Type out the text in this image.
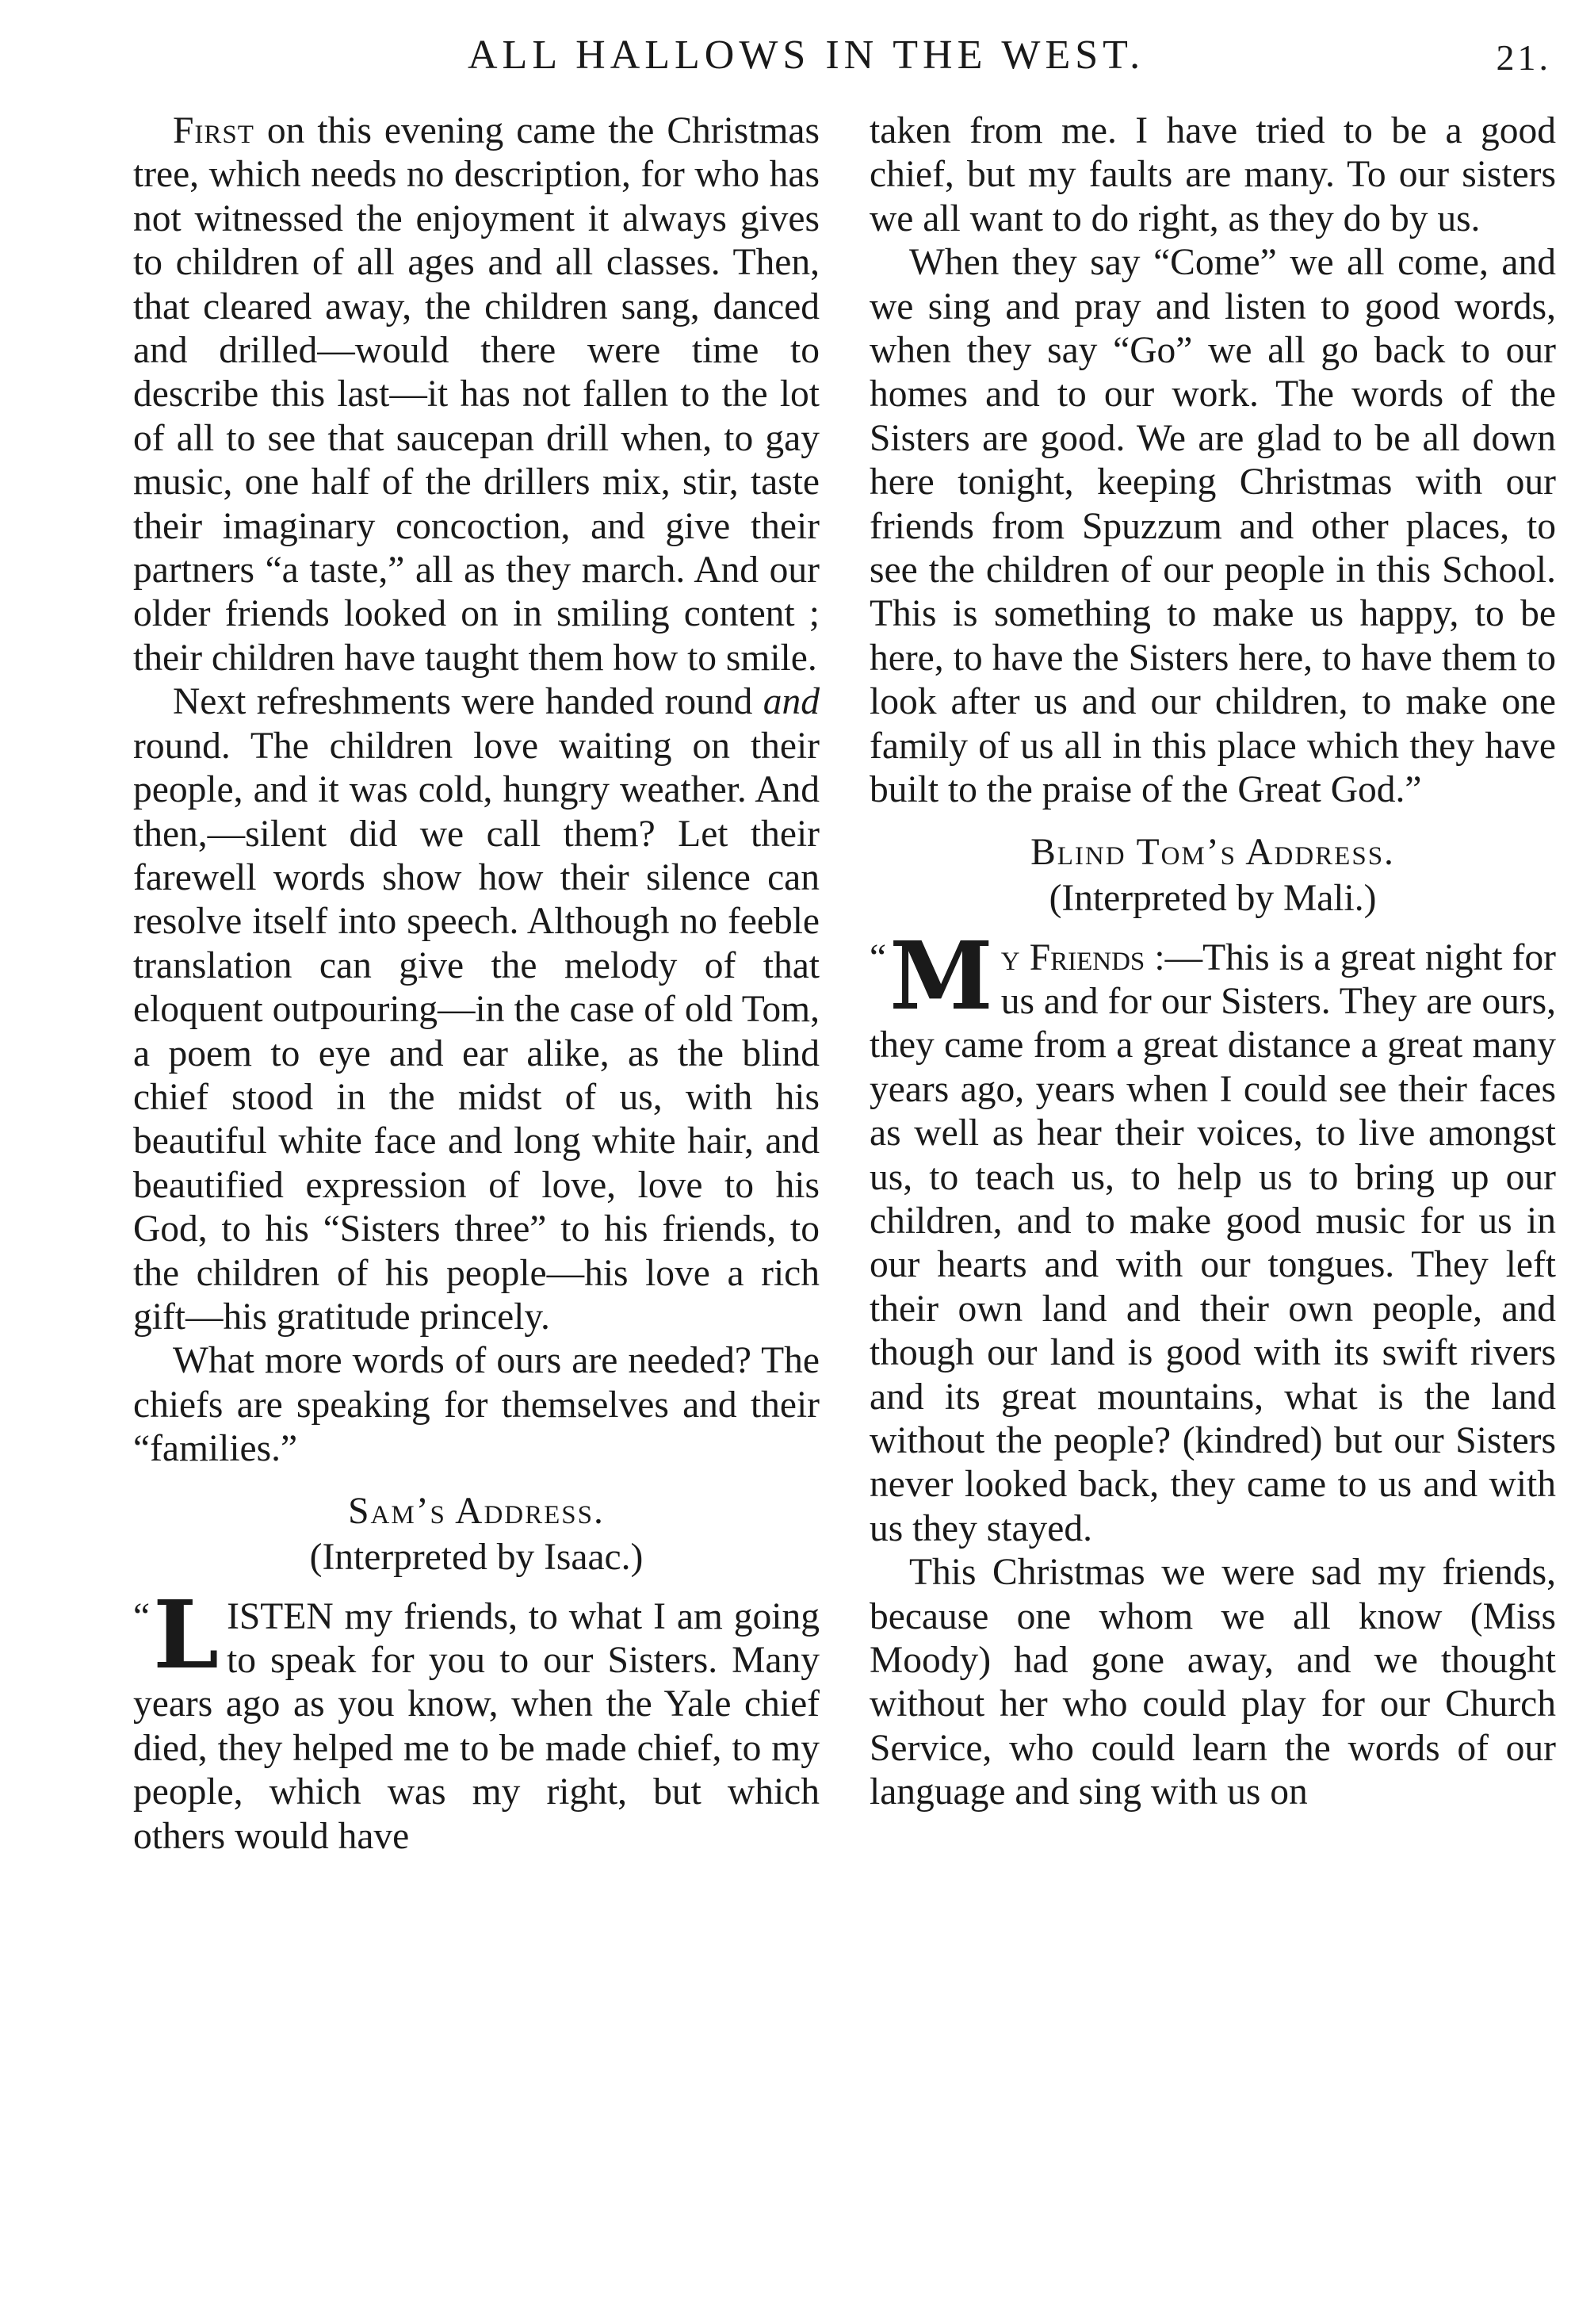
ALL HALLOWS IN THE WEST.	21.

First on this evening came the Christmas tree, which needs no description, for who has not witnessed the enjoyment it always gives to children of all ages and all classes. Then, that cleared away, the children sang, danced and drilled—would there were time to describe this last—it has not fallen to the lot of all to see that saucepan drill when, to gay music, one half of the drillers mix, stir, taste their imaginary concoction, and give their partners “a taste,” all as they march. And our older friends looked on in smiling content ; their children have taught them how to smile.

Next refreshments were handed round and round. The children love waiting on their people, and it was cold, hungry weather. And then,—silent did we call them? Let their farewell words show how their silence can resolve itself into speech. Although no feeble translation can give the melody of that eloquent outpouring—in the case of old Tom, a poem to eye and ear alike, as the blind chief stood in the midst of us, with his beautiful white face and long white hair, and beautified expression of love, love to his God, to his “Sisters three” to his friends, to the children of his people—his love a rich gift—his gratitude princely.

What more words of ours are needed? The chiefs are speaking for themselves and their “families.”

Sam’s Address.
(Interpreted by Isaac.)

“ L ISTEN my friends, to what I am going to speak for you to our Sisters. Many years ago as you know, when the Yale chief died, they helped me to be made chief, to my people, which was my right, but which others would have

taken from me. I have tried to be a good chief, but my faults are many. To our sisters we all want to do right, as they do by us.

When they say “Come” we all come, and we sing and pray and listen to good words, when they say “Go” we all go back to our homes and to our work. The words of the Sisters are good. We are glad to be all down here tonight, keeping Christmas with our friends from Spuzzum and other places, to see the children of our people in this School. This is something to make us happy, to be here, to have the Sisters here, to have them to look after us and our children, to make one family of us all in this place which they have built to the praise of the Great God.”

Blind Tom’s Address.
(Interpreted by Mali.)

“ M y Friends :—This is a great night for us and for our Sisters. They are ours, they came from a great distance a great many years ago, years when I could see their faces as well as hear their voices, to live amongst us, to teach us, to help us to bring up our children, and to make good music for us in our hearts and with our tongues. They left their own land and their own people, and though our land is good with its swift rivers and its great mountains, what is the land without the people? (kindred) but our Sisters never looked back, they came to us and with us they stayed.

This Christmas we were sad my friends, because one whom we all know (Miss Moody) had gone away, and we thought without her who could play for our Church Service, who could learn the words of our language and sing with us on
